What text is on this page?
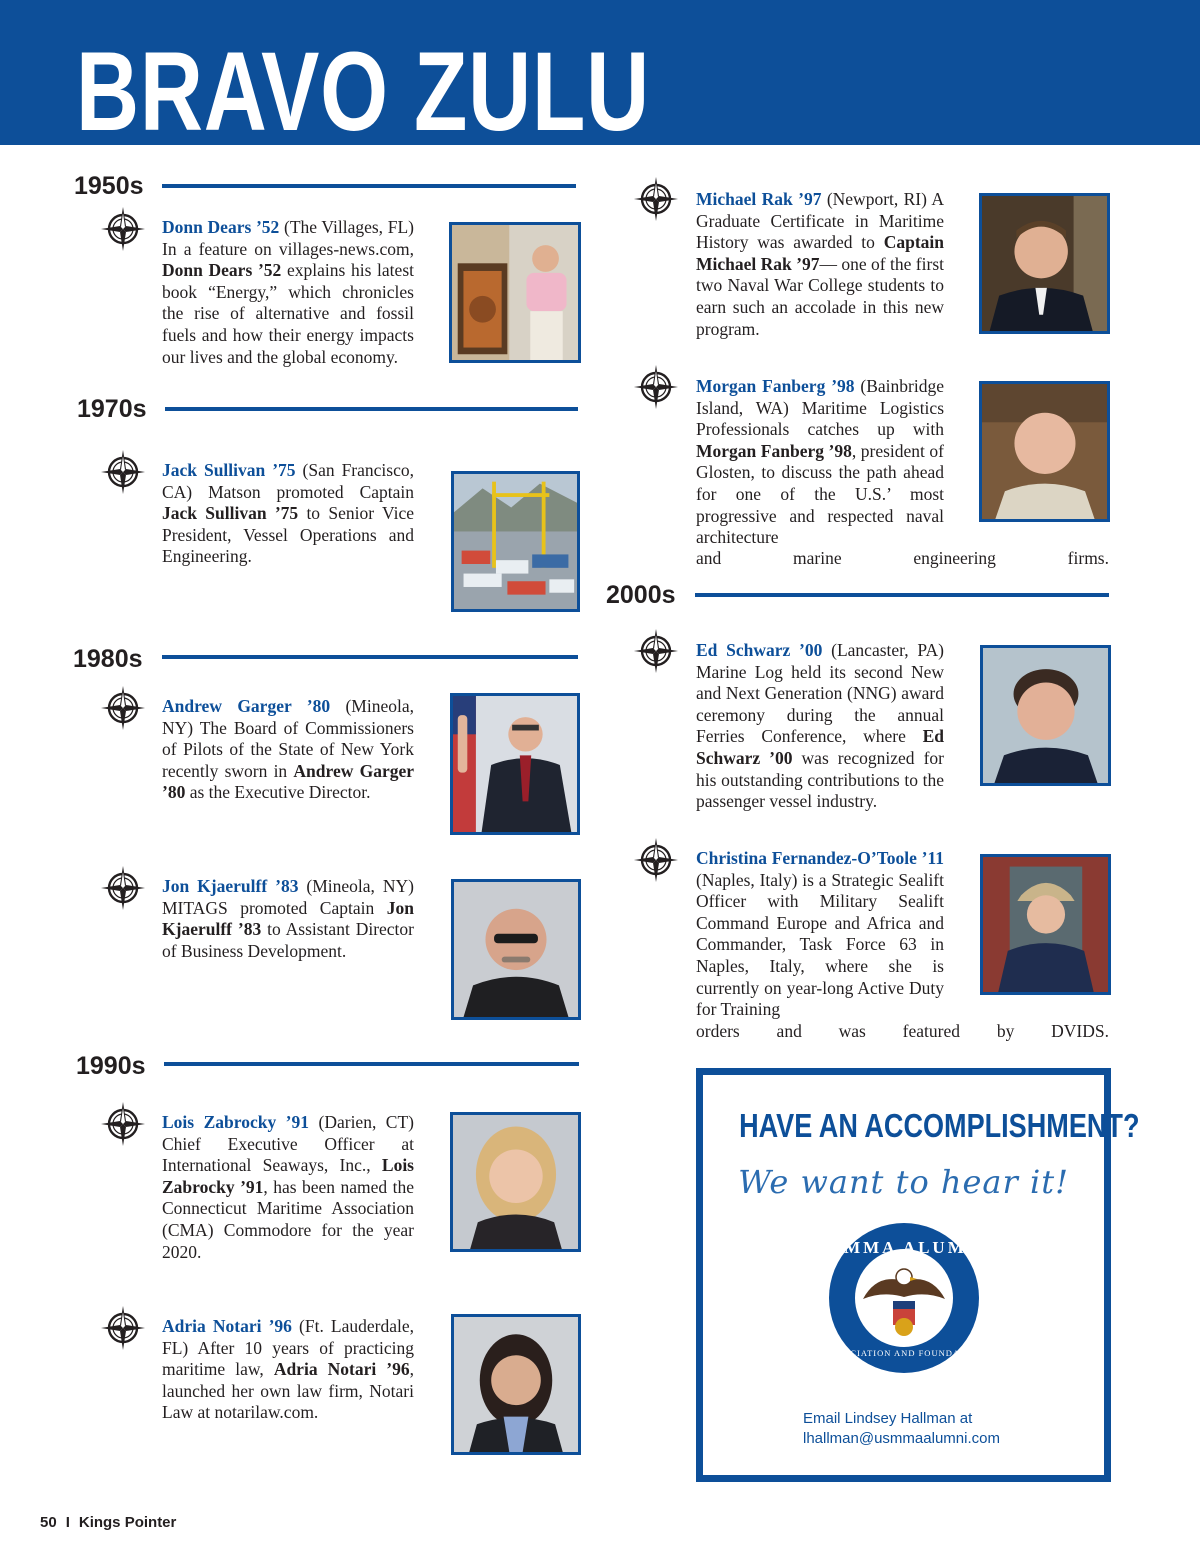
BRAVO ZULU
1950s
1970s
1980s
1990s
2000s
Donn Dears ’52 (The Villages, FL) In a feature on villages-news.com, Donn Dears ’52 explains his latest book “Energy,” which chronicles the rise of alternative and fossil fuels and how their energy impacts our lives and the global economy.
Jack Sullivan ’75 (San Francisco, CA) Matson promoted Captain Jack Sullivan ’75 to Senior Vice President, Vessel Operations and Engineering.
Andrew Garger ’80 (Mineola, NY) The Board of Commissioners of Pilots of the State of New York recently sworn in Andrew Garger ’80 as the Executive Director.
Jon Kjaerulff ’83 (Mineola, NY) MITAGS promoted Captain Jon Kjaerulff ’83 to Assistant Director of Business Development.
Lois Zabrocky ’91 (Darien, CT) Chief Executive Officer at International Seaways, Inc., Lois Zabrocky ’91, has been named the Connecticut Maritime Association (CMA) Commodore for the year 2020.
Adria Notari ’96 (Ft. Lauderdale, FL) After 10 years of practicing maritime law, Adria Notari ’96, launched her own law firm, Notari Law at notarilaw.com.
Michael Rak ’97 (Newport, RI) A Graduate Certificate in Maritime History was awarded to Captain Michael Rak ’97— one of the first two Naval War College students to earn such an accolade in this new program.
Morgan Fanberg ’98 (Bainbridge Island, WA) Maritime Logistics Professionals catches up with Morgan Fanberg ’98, president of Glosten, to discuss the path ahead for one of the U.S.’ most progressive and respected naval architecture
and marine engineering firms.
Ed Schwarz ’00 (Lancaster, PA) Marine Log held its second New and Next Generation (NNG) award ceremony during the annual Ferries Conference, where Ed Schwarz ’00 was recognized for his outstanding contributions to the passenger vessel industry.
Christina Fernandez-O’Toole ’11 (Naples, Italy) is a Strategic Sealift Officer with Military Sealift Command Europe and Africa and Commander, Task Force 63 in Naples, Italy, where she is currently on year-long Active Duty for Training
orders and was featured by DVIDS.
HAVE AN ACCOMPLISHMENT?
We want to hear it!
USMMA ALUMNI
ASSOCIATION AND FOUNDATION
Email Lindsey Hallman at
lhallman@usmmaalumni.com
50 I Kings Pointer
